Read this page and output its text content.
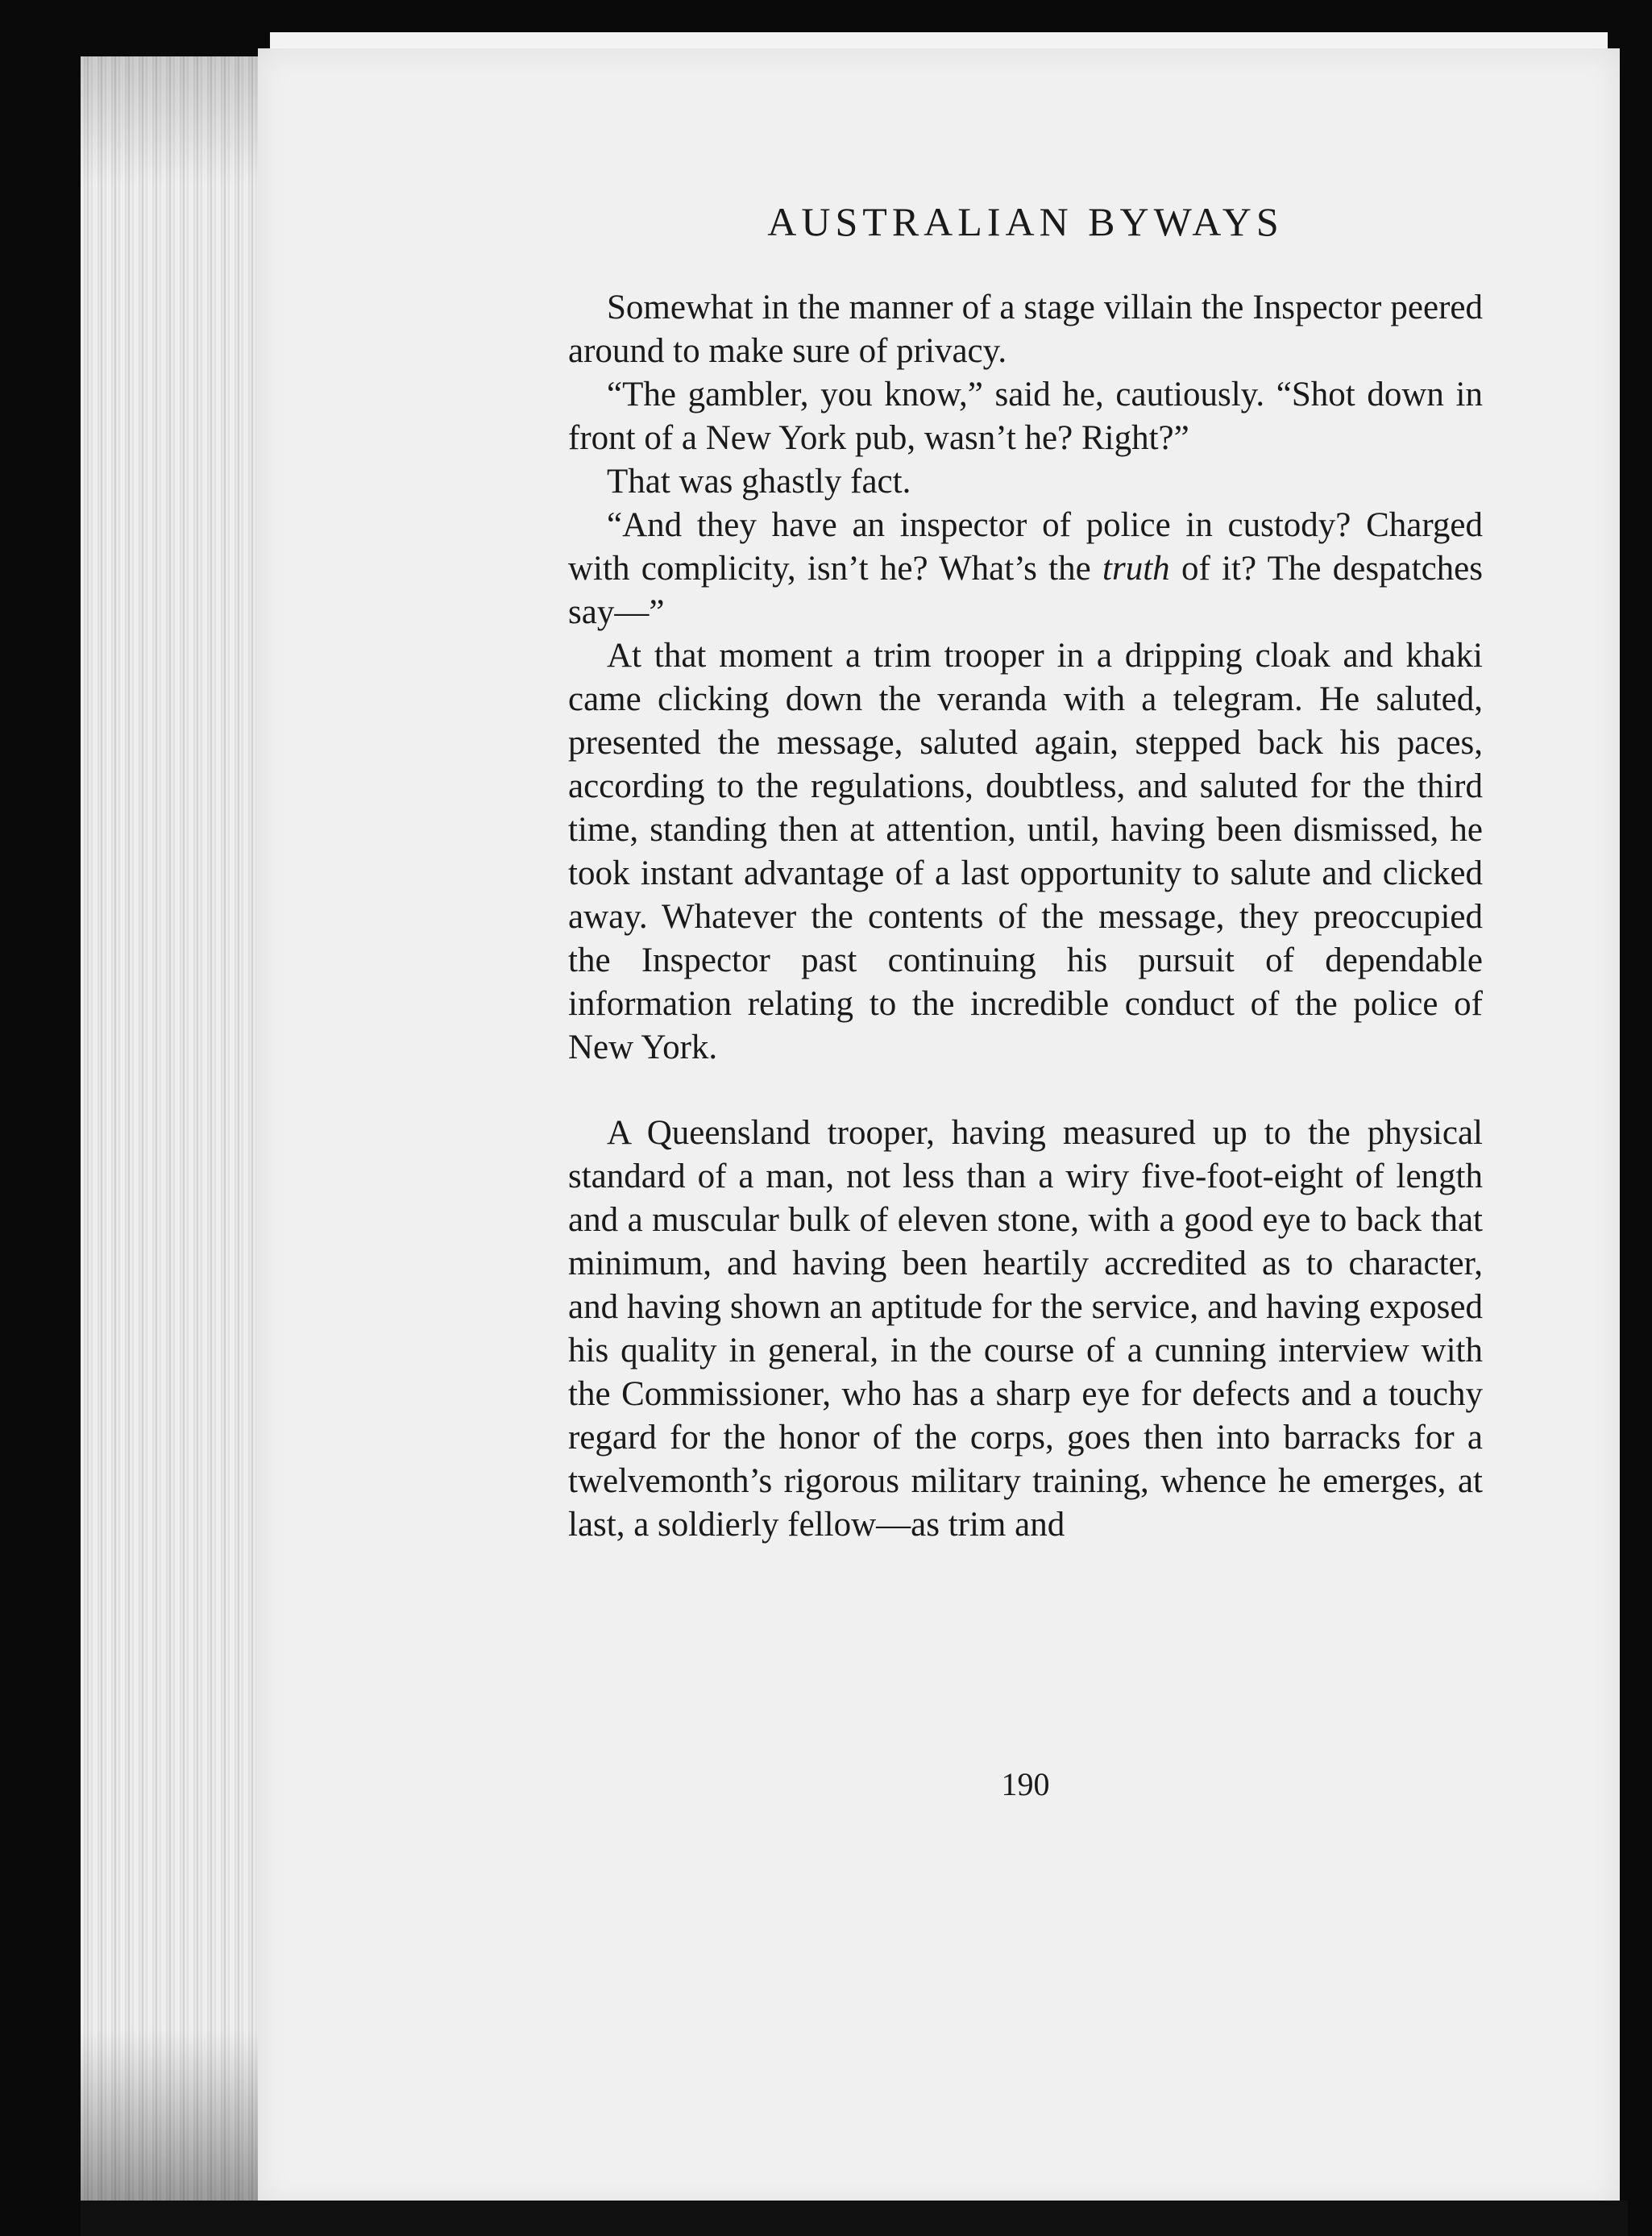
AUSTRALIAN BYWAYS

Somewhat in the manner of a stage villain the Inspector peered around to make sure of privacy.

“The gambler, you know,” said he, cautiously. “Shot down in front of a New York pub, wasn’t he? Right?”

That was ghastly fact.

“And they have an inspector of police in custody? Charged with complicity, isn’t he? What’s the truth of it? The despatches say—”

At that moment a trim trooper in a dripping cloak and khaki came clicking down the veranda with a telegram. He saluted, presented the message, saluted again, stepped back his paces, according to the regulations, doubtless, and saluted for the third time, standing then at attention, until, having been dismissed, he took instant advantage of a last opportunity to salute and clicked away. Whatever the contents of the message, they preoccupied the Inspector past continuing his pursuit of dependable information relating to the incredible conduct of the police of New York.

A Queensland trooper, having measured up to the physical standard of a man, not less than a wiry five-foot-eight of length and a muscular bulk of eleven stone, with a good eye to back that minimum, and having been heartily accredited as to character, and having shown an aptitude for the service, and having exposed his quality in general, in the course of a cunning interview with the Commissioner, who has a sharp eye for defects and a touchy regard for the honor of the corps, goes then into barracks for a twelvemonth’s rigorous military training, whence he emerges, at last, a soldierly fellow—as trim and

190
